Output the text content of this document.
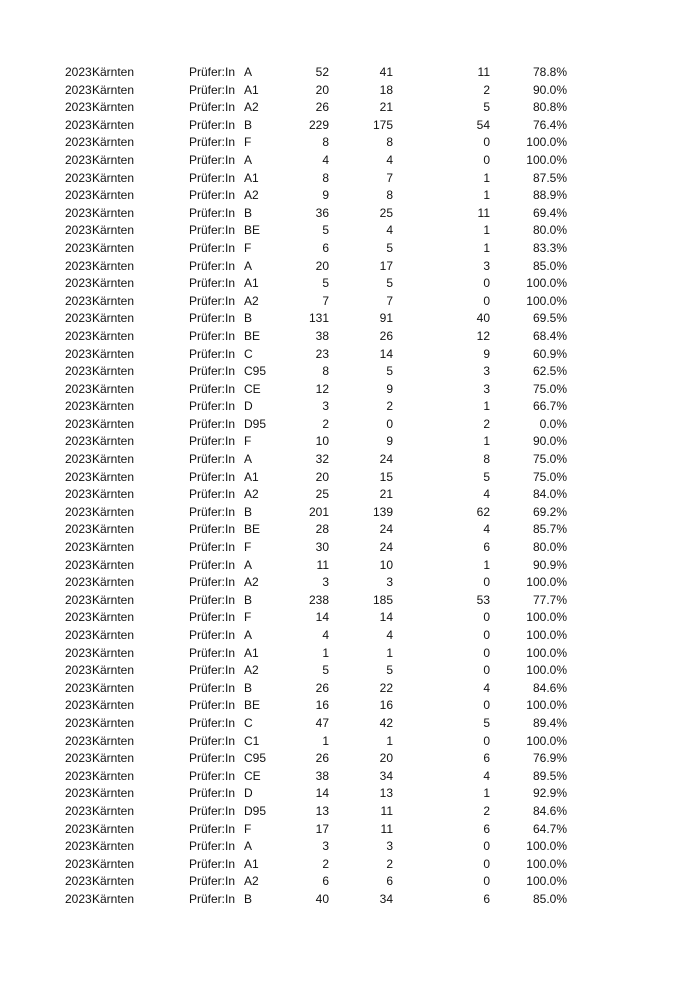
2023 Kärnten	Prüfer:In A	52	41	11	78.8%
2023 Kärnten	Prüfer:In A1	20	18	2	90.0%
2023 Kärnten	Prüfer:In A2	26	21	5	80.8%
2023 Kärnten	Prüfer:In B	229	175	54	76.4%
2023 Kärnten	Prüfer:In F	8	8	0	100.0%
2023 Kärnten	Prüfer:In A	4	4	0	100.0%
2023 Kärnten	Prüfer:In A1	8	7	1	87.5%
2023 Kärnten	Prüfer:In A2	9	8	1	88.9%
2023 Kärnten	Prüfer:In B	36	25	11	69.4%
2023 Kärnten	Prüfer:In BE	5	4	1	80.0%
2023 Kärnten	Prüfer:In F	6	5	1	83.3%
2023 Kärnten	Prüfer:In A	20	17	3	85.0%
2023 Kärnten	Prüfer:In A1	5	5	0	100.0%
2023 Kärnten	Prüfer:In A2	7	7	0	100.0%
2023 Kärnten	Prüfer:In B	131	91	40	69.5%
2023 Kärnten	Prüfer:In BE	38	26	12	68.4%
2023 Kärnten	Prüfer:In C	23	14	9	60.9%
2023 Kärnten	Prüfer:In C95	8	5	3	62.5%
2023 Kärnten	Prüfer:In CE	12	9	3	75.0%
2023 Kärnten	Prüfer:In D	3	2	1	66.7%
2023 Kärnten	Prüfer:In D95	2	0	2	0.0%
2023 Kärnten	Prüfer:In F	10	9	1	90.0%
2023 Kärnten	Prüfer:In A	32	24	8	75.0%
2023 Kärnten	Prüfer:In A1	20	15	5	75.0%
2023 Kärnten	Prüfer:In A2	25	21	4	84.0%
2023 Kärnten	Prüfer:In B	201	139	62	69.2%
2023 Kärnten	Prüfer:In BE	28	24	4	85.7%
2023 Kärnten	Prüfer:In F	30	24	6	80.0%
2023 Kärnten	Prüfer:In A	11	10	1	90.9%
2023 Kärnten	Prüfer:In A2	3	3	0	100.0%
2023 Kärnten	Prüfer:In B	238	185	53	77.7%
2023 Kärnten	Prüfer:In F	14	14	0	100.0%
2023 Kärnten	Prüfer:In A	4	4	0	100.0%
2023 Kärnten	Prüfer:In A1	1	1	0	100.0%
2023 Kärnten	Prüfer:In A2	5	5	0	100.0%
2023 Kärnten	Prüfer:In B	26	22	4	84.6%
2023 Kärnten	Prüfer:In BE	16	16	0	100.0%
2023 Kärnten	Prüfer:In C	47	42	5	89.4%
2023 Kärnten	Prüfer:In C1	1	1	0	100.0%
2023 Kärnten	Prüfer:In C95	26	20	6	76.9%
2023 Kärnten	Prüfer:In CE	38	34	4	89.5%
2023 Kärnten	Prüfer:In D	14	13	1	92.9%
2023 Kärnten	Prüfer:In D95	13	11	2	84.6%
2023 Kärnten	Prüfer:In F	17	11	6	64.7%
2023 Kärnten	Prüfer:In A	3	3	0	100.0%
2023 Kärnten	Prüfer:In A1	2	2	0	100.0%
2023 Kärnten	Prüfer:In A2	6	6	0	100.0%
2023 Kärnten	Prüfer:In B	40	34	6	85.0%
